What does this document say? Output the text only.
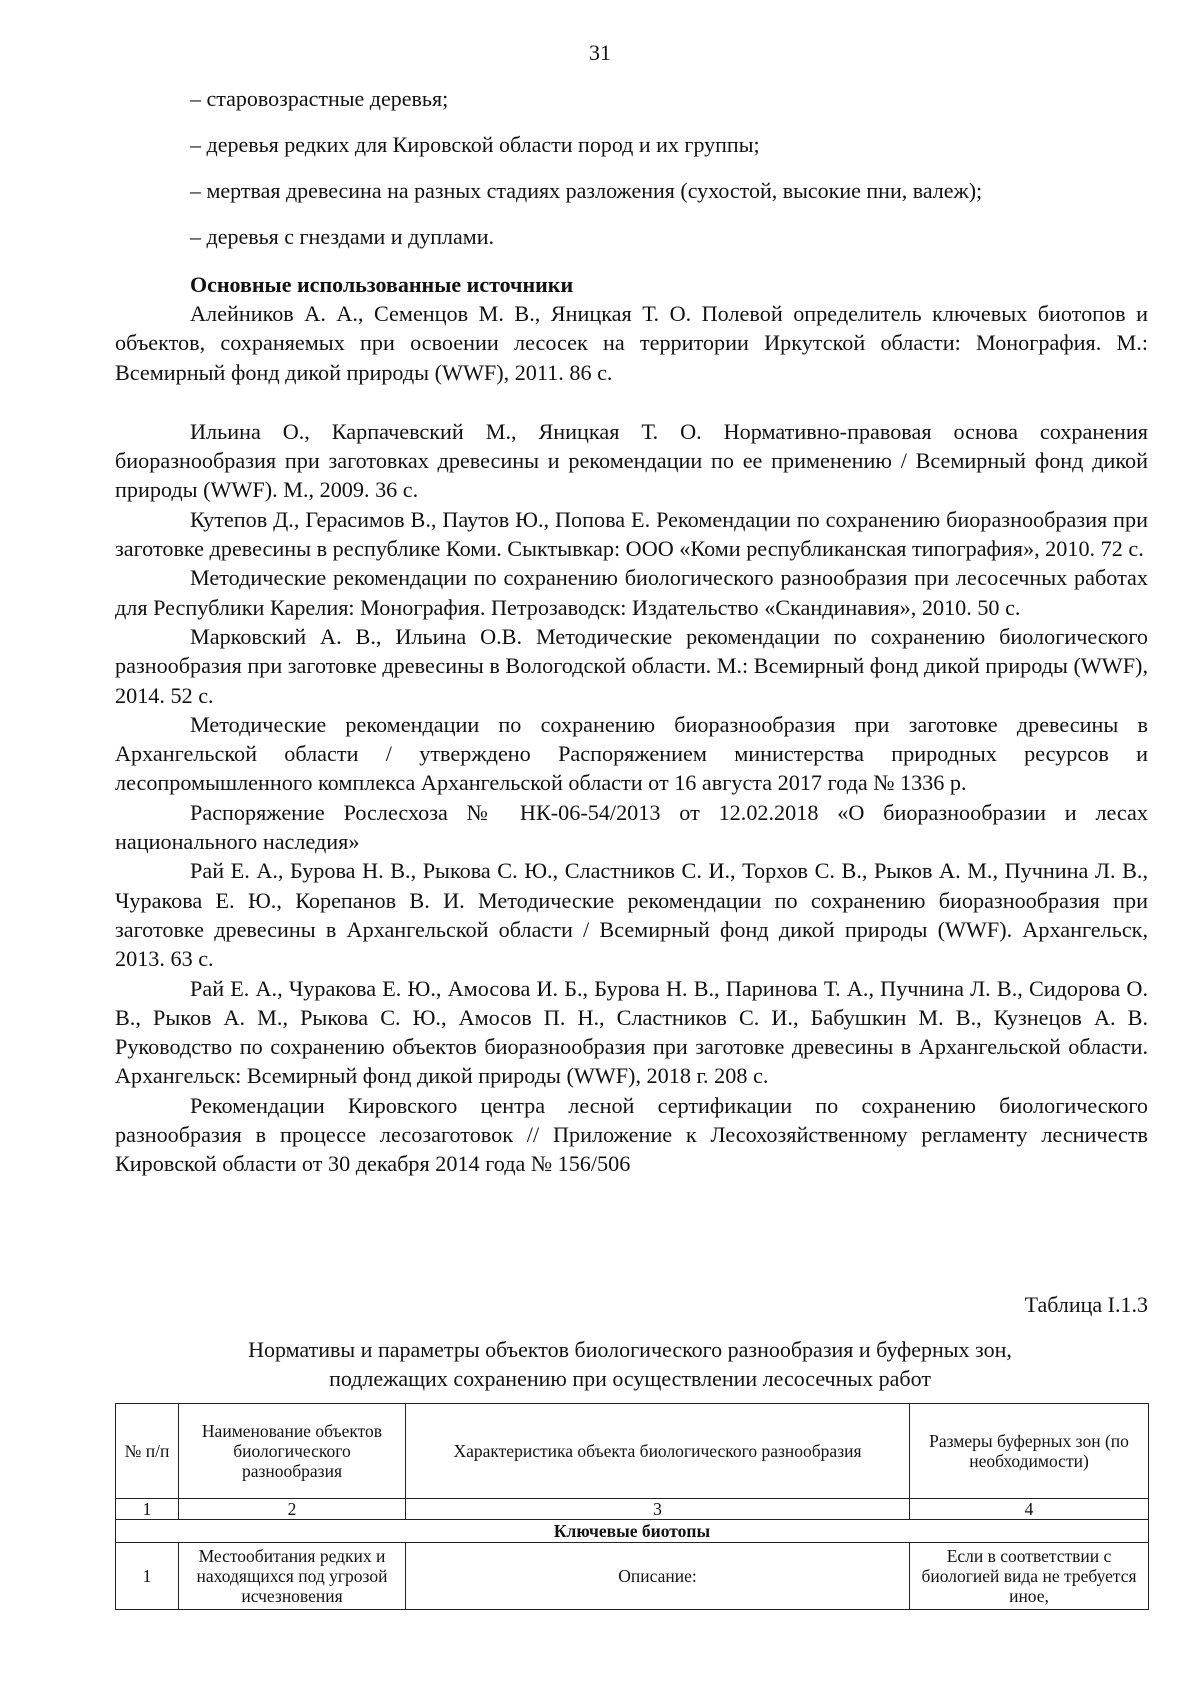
31
– старовозрастные деревья;
– деревья редких для Кировской области пород и их группы;
– мертвая древесина на разных стадиях разложения (сухостой, высокие пни, валеж);
– деревья с гнездами и дуплами.
Основные использованные источники

Алейников А. А., Семенцов М. В., Яницкая Т. О. Полевой определитель ключевых биотопов и объектов, сохраняемых при освоении лесосек на территории Иркутской области: Монография. М.: Всемирный фонд дикой природы (WWF), 2011. 86 с.

Ильина О., Карпачевский М., Яницкая Т. О. Нормативно-правовая основа сохранения биоразнообразия при заготовках древесины и рекомендации по ее применению / Всемирный фонд дикой природы (WWF). М., 2009. 36 с.

Кутепов Д., Герасимов В., Паутов Ю., Попова Е. Рекомендации по сохранению биоразнообразия при заготовке древесины в республике Коми. Сыктывкар: ООО «Коми республиканская типография», 2010. 72 с.

Методические рекомендации по сохранению биологического разнообразия при лесосечных работах для Республики Карелия: Монография. Петрозаводск: Издательство «Скандинавия», 2010. 50 с.

Марковский А. В., Ильина О.В. Методические рекомендации по сохранению биологического разнообразия при заготовке древесины в Вологодской области. М.: Всемирный фонд дикой природы (WWF), 2014. 52 с.

Методические рекомендации по сохранению биоразнообразия при заготовке древесины в Архангельской области / утверждено Распоряжением министерства природных ресурсов и лесопромышленного комплекса Архангельской области от 16 августа 2017 года № 1336 р.

Распоряжение Рослесхоза № НК-06-54/2013 от 12.02.2018 «О биоразнообразии и лесах национального наследия»

Рай Е. А., Бурова Н. В., Рыкова С. Ю., Сластников С. И., Торхов С. В., Рыков А. М., Пучнина Л. В., Чуракова Е. Ю., Корепанов В. И. Методические рекомендации по сохранению биоразнообразия при заготовке древесины в Архангельской области / Всемирный фонд дикой природы (WWF). Архангельск, 2013. 63 с.

Рай Е. А., Чуракова Е. Ю., Амосова И. Б., Бурова Н. В., Паринова Т. А., Пучнина Л. В., Сидорова О. В., Рыков А. М., Рыкова С. Ю., Амосов П. Н., Сластников С. И., Бабушкин М. В., Кузнецов А. В. Руководство по сохранению объектов биоразнообразия при заготовке древесины в Архангельской области. Архангельск: Всемирный фонд дикой природы (WWF), 2018 г. 208 с.

Рекомендации Кировского центра лесной сертификации по сохранению биологического разнообразия в процессе лесозаготовок // Приложение к Лесохозяйственному регламенту лесничеств Кировской области от 30 декабря 2014 года № 156/506

Таблица I.1.3
Нормативы и параметры объектов биологического разнообразия и буферных зон,
подлежащих сохранению при осуществлении лесосечных работ
№ п/п	Наименование объектов биологического разнообразия	Характеристика объекта биологического разнообразия	Размеры буферных зон (по необходимости)
1	2	3	4
Ключевые биотопы			
1	Местообитания редких и находящихся под угрозой исчезновения	Описание:	Если в соответствии с биологией вида не требуется иное,
